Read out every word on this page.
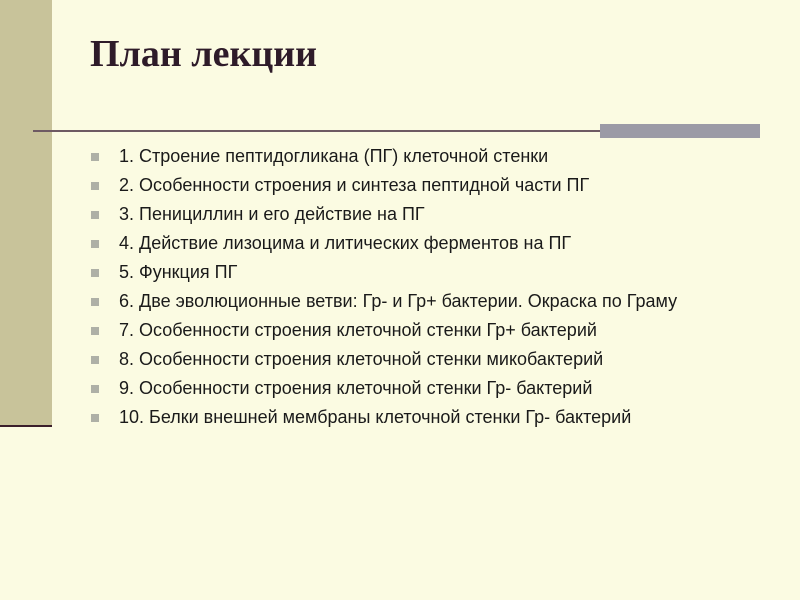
План лекции
1. Строение пептидогликана (ПГ) клеточной стенки
2. Особенности строения и синтеза пептидной части ПГ
3. Пенициллин и его действие на ПГ
4. Действие лизоцима и литических ферментов на ПГ
5. Функция ПГ
6. Две эволюционные ветви: Гр- и Гр+ бактерии. Окраска по Граму
7. Особенности строения клеточной стенки Гр+ бактерий
8. Особенности строения клеточной стенки микобактерий
9. Особенности строения клеточной стенки Гр- бактерий
10. Белки внешней мембраны клеточной стенки Гр- бактерий
